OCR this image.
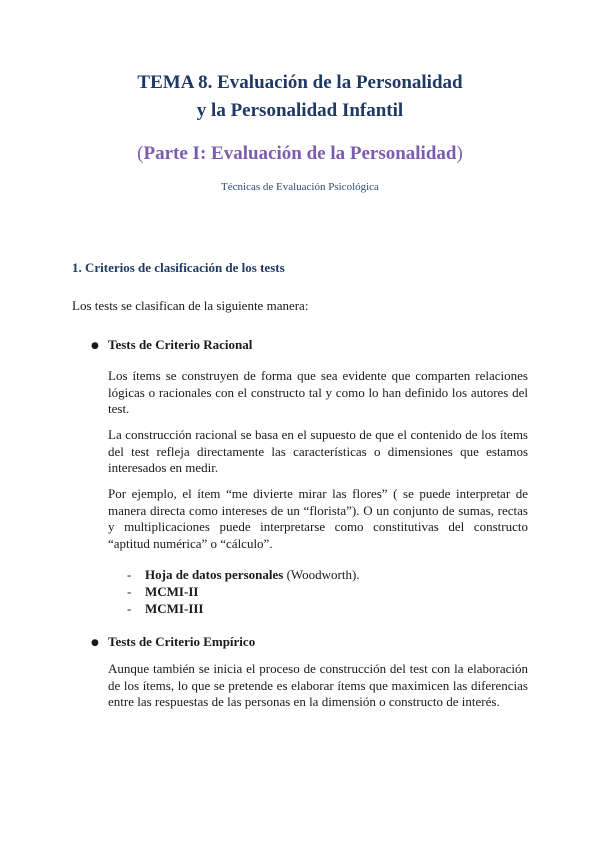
TEMA 8. Evaluación de la Personalidad
y la Personalidad Infantil
(Parte I: Evaluación de la Personalidad)
Técnicas de Evaluación Psicológica
1. Criterios de clasificación de los tests
Los tests se clasifican de la siguiente manera:
● Tests de Criterio Racional

Los ítems se construyen de forma que sea evidente que comparten relaciones lógicas o racionales con el constructo tal y como lo han definido los autores del test.

La construcción racional se basa en el supuesto de que el contenido de los ítems del test refleja directamente las características o dimensiones que estamos interesados en medir.

Por ejemplo, el ítem “me divierte mirar las flores” ( se puede interpretar de manera directa como intereses de un “florista”). O un conjunto de sumas, rectas y multiplicaciones puede interpretarse como constitutivas del constructo “aptitud numérica” o “cálculo”.

- Hoja de datos personales (Woodworth).
- MCMI-II
- MCMI-III
● Tests de Criterio Empírico

Aunque también se inicia el proceso de construcción del test con la elaboración de los ítems, lo que se pretende es elaborar ítems que maximicen las diferencias entre las respuestas de las personas en la dimensión o constructo de interés.
